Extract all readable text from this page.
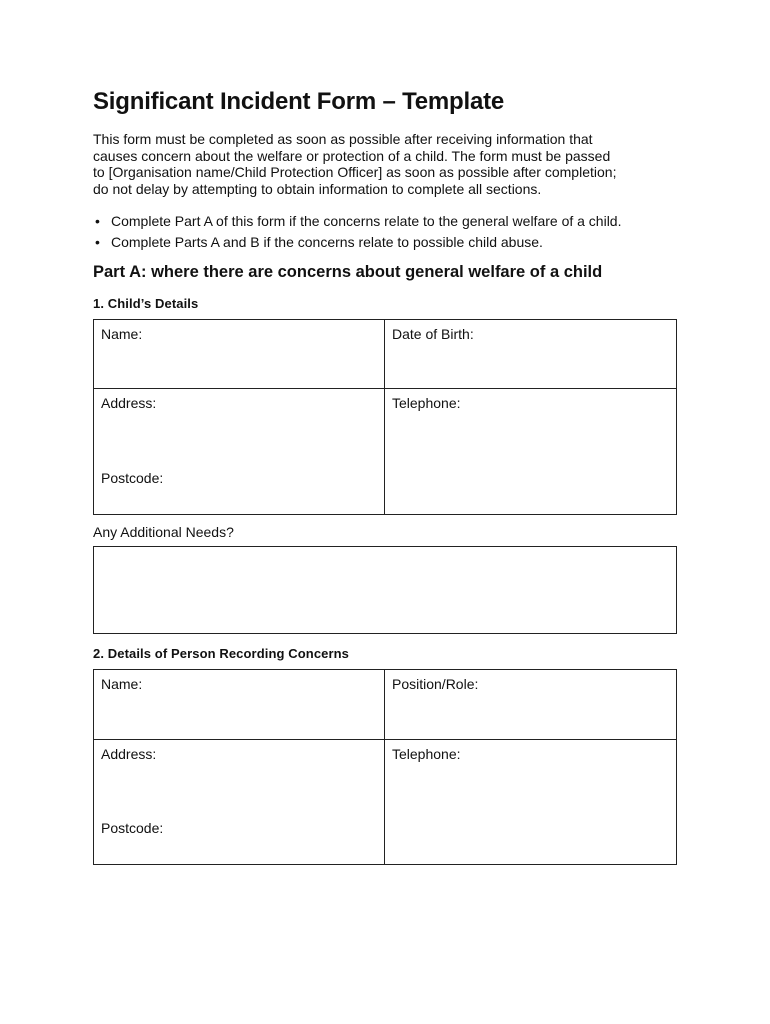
Significant Incident Form – Template

This form must be completed as soon as possible after receiving information that
causes concern about the welfare or protection of a child. The form must be passed
to [Organisation name/Child Protection Officer] as soon as possible after completion;
do not delay by attempting to obtain information to complete all sections.

• Complete Part A of this form if the concerns relate to the general welfare of a child.
• Complete Parts A and B if the concerns relate to possible child abuse.
Part A: where there are concerns about general welfare of a child
1. Child’s Details
Name:	Date of Birth:
Address:	Telephone:
Postcode:
Any Additional Needs?
2. Details of Person Recording Concerns
Name:	Position/Role:
Address:	Telephone:
Postcode:
